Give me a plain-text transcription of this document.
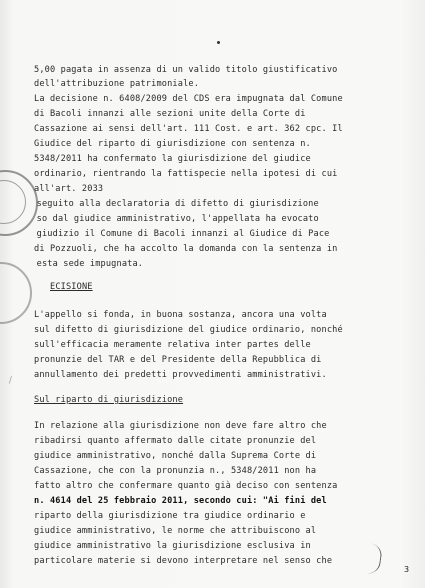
⁄
5,00 pagata in assenza di un valido titolo giustificativo
dell'attribuzione patrimoniale.
La decisione n. 6408/2009 del CDS era impugnata dal Comune
di Bacoli innanzi alle sezioni unite della Corte di
Cassazione ai sensi dell'art. 111 Cost. e art. 362 cpc. Il
Giudice del riparto di giurisdizione con sentenza n.
5348/2011 ha confermato la giurisdizione del giudice
ordinario, rientrando la fattispecie nella ipotesi di cui
all'art. 2033
seguito alla declaratoria di difetto di giurisdizione
so dal giudice amministrativo, l'appellata ha evocato
giudizio il Comune di Bacoli innanzi al Giudice di Pace
di Pozzuoli, che ha accolto la domanda con la sentenza in
esta sede impugnata.
ECISIONE
L'appello si fonda, in buona sostanza, ancora una volta
sul difetto di giurisdizione del giudice ordinario, nonché
sull'efficacia meramente relativa inter partes delle
pronunzie del TAR e del Presidente della Repubblica di
annullamento dei predetti provvedimenti amministrativi.
Sul riparto di giurisdizione
In relazione alla giurisdizione non deve fare altro che
ribadirsi quanto affermato dalle citate pronunzie del
giudice amministrativo, nonché dalla Suprema Corte di
Cassazione, che con la pronunzia n., 5348/2011 non ha
fatto altro che confermare quanto già deciso con sentenza
n. 4614 del 25 febbraio 2011, secondo cui: "Ai fini del
riparto della giurisdizione tra giudice ordinario e
giudice amministrativo, le norme che attribuiscono al
giudice amministrativo la giurisdizione esclusiva in
particolare materie si devono interpretare nel senso che
3
